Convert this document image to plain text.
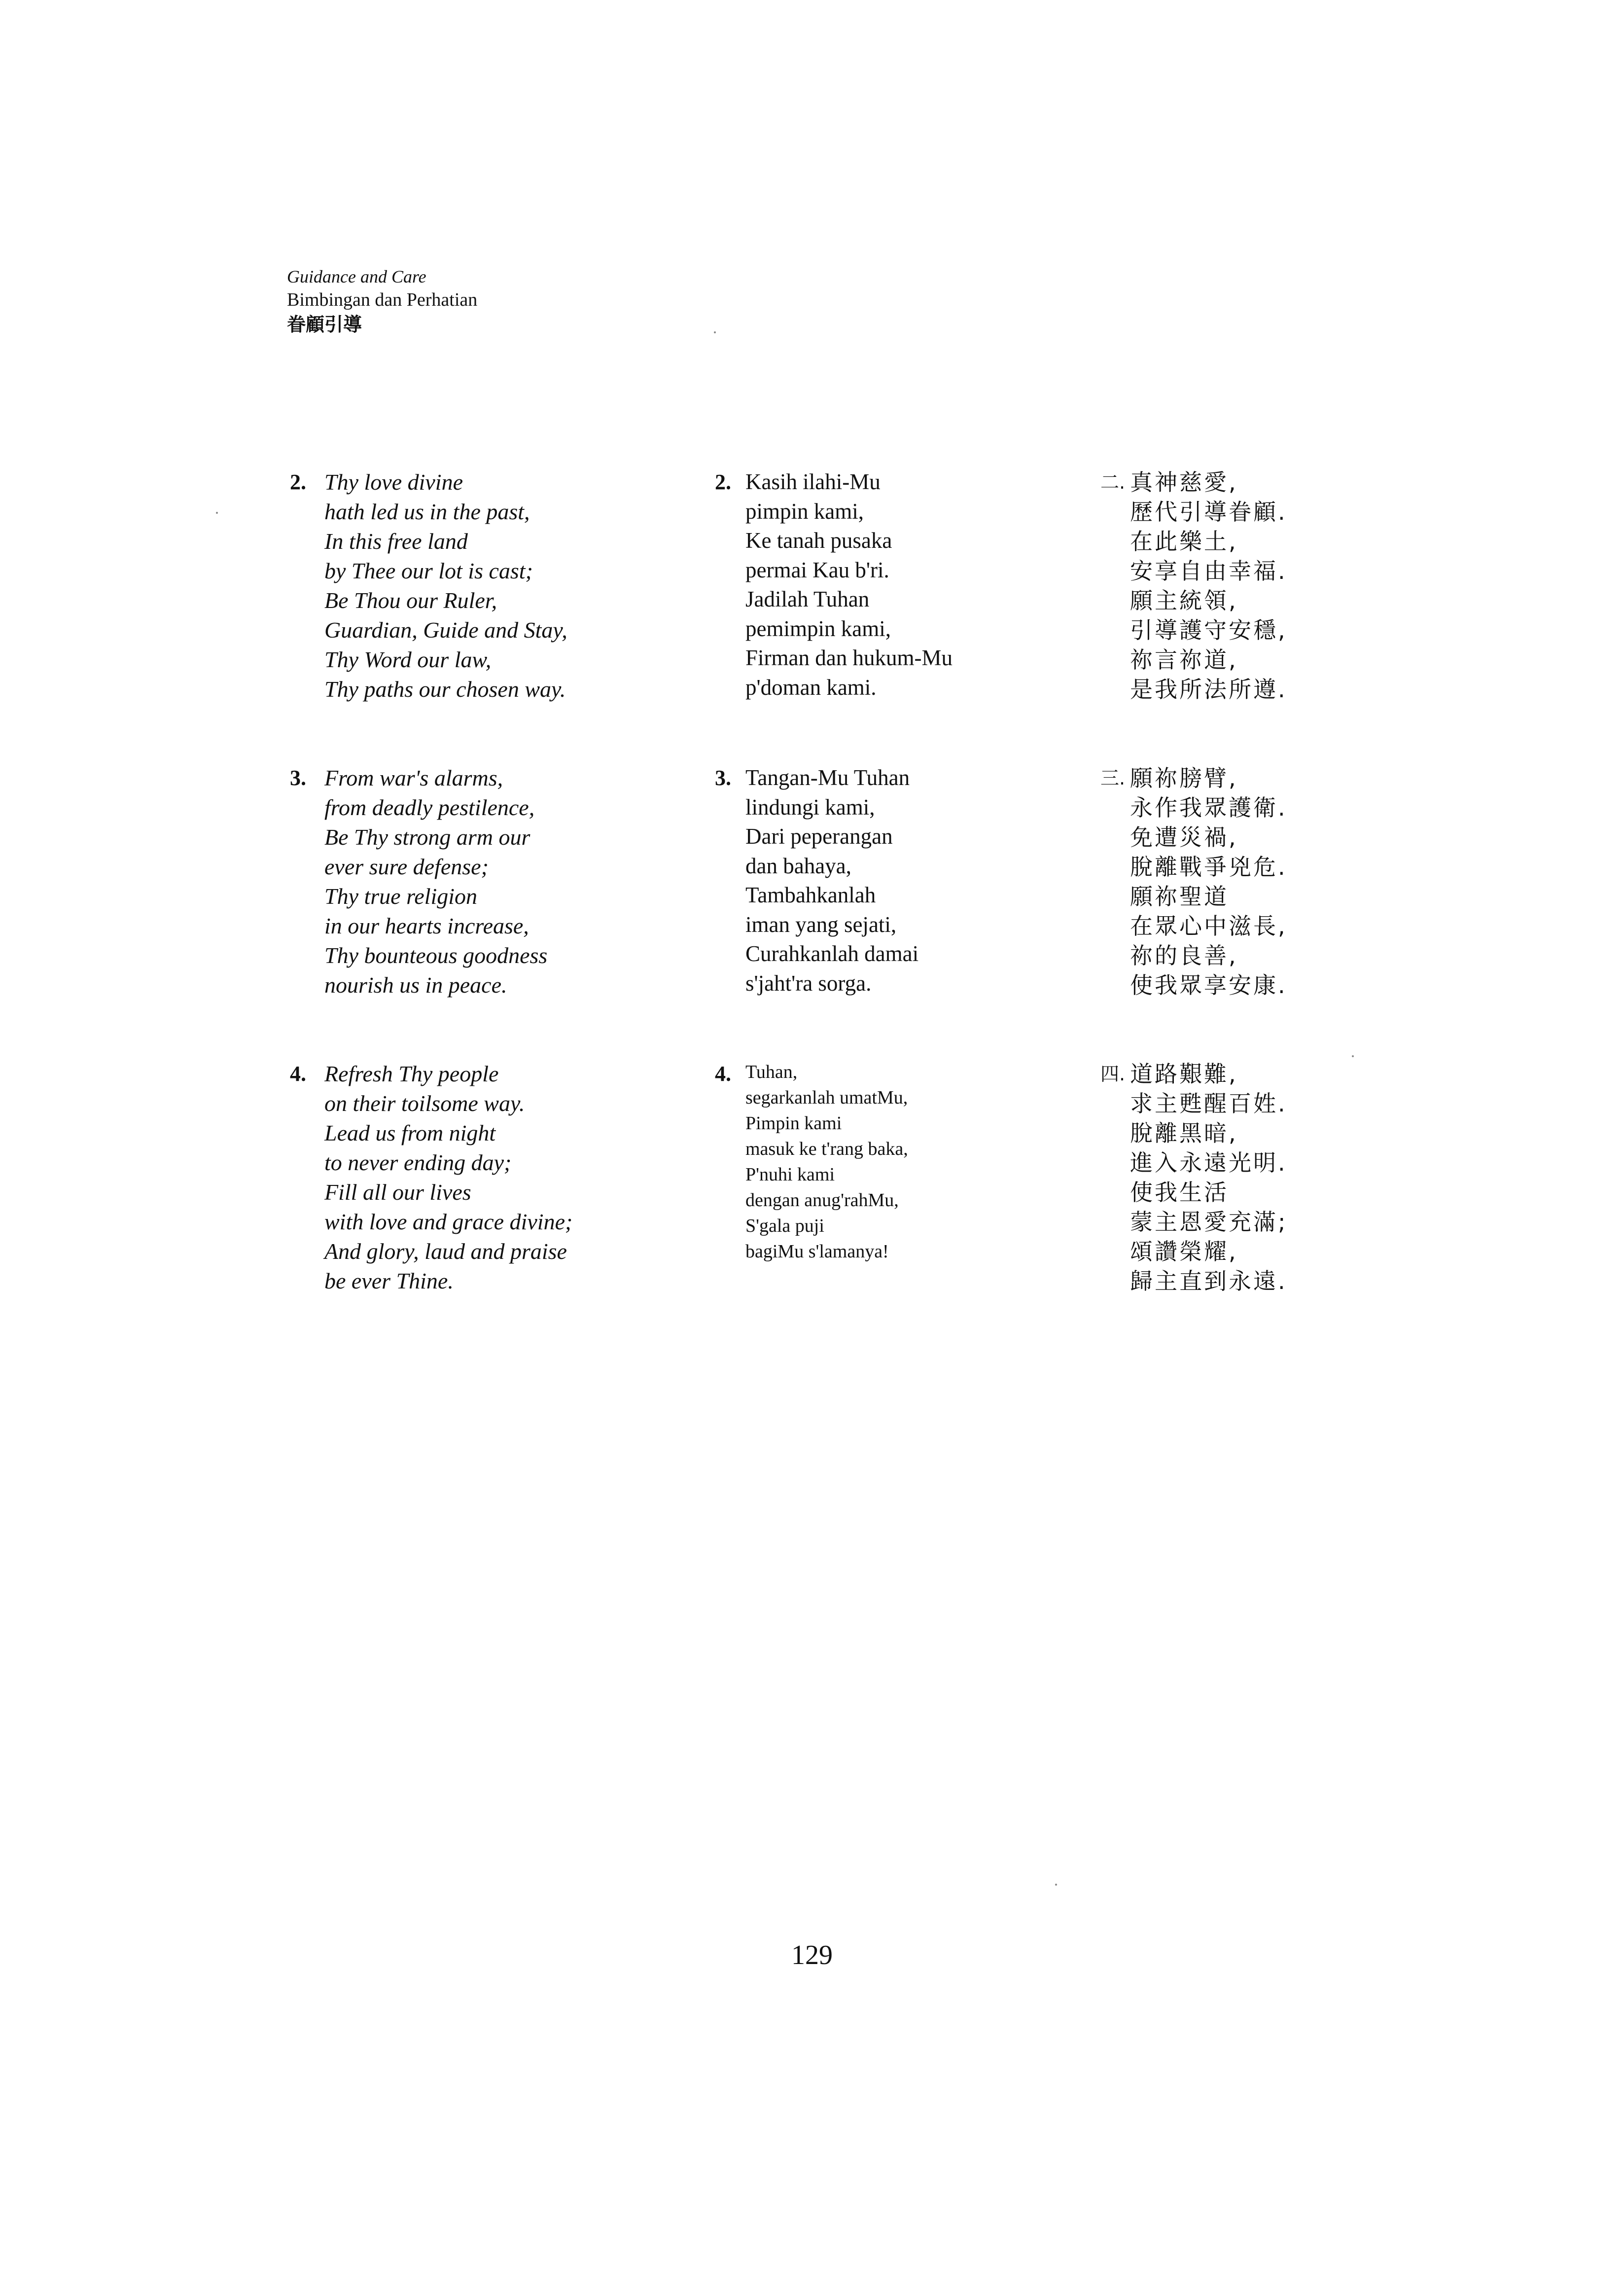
Guidance and Care
Bimbingan dan Perhatian
眷顧引導
2. Thy love divine
hath led us in the past,
In this free land
by Thee our lot is cast;
Be Thou our Ruler,
Guardian, Guide and Stay,
Thy Word our law,
Thy paths our chosen way.
3. From war's alarms,
from deadly pestilence,
Be Thy strong arm our
ever sure defense;
Thy true religion
in our hearts increase,
Thy bounteous goodness
nourish us in peace.
4. Refresh Thy people
on their toilsome way.
Lead us from night
to never ending day;
Fill all our lives
with love and grace divine;
And glory, laud and praise
be ever Thine.
2. Kasih ilahi-Mu
pimpin kami,
Ke tanah pusaka
permai Kau b'ri.
Jadilah Tuhan
pemimpin kami,
Firman dan hukum-Mu
p'doman kami.
3. Tangan-Mu Tuhan
lindungi kami,
Dari peperangan
dan bahaya,
Tambahkanlah
iman yang sejati,
Curahkanlah damai
s'jaht'ra sorga.
4. Tuhan,
segarkanlah umatMu,
Pimpin kami
masuk ke t'rang baka,
P'nuhi kami
dengan anug'rahMu,
S'gala puji
bagiMu s'lamanya!
二. 真神慈愛,
歷代引導眷顧.
在此樂土,
安享自由幸福.
願主統領,
引導護守安穩,
祢言祢道,
是我所法所遵.
三. 願祢膀臂,
永作我眾護衛.
免遭災禍,
脫離戰爭兇危.
願祢聖道
在眾心中滋長,
祢的良善,
使我眾享安康.
四. 道路艱難,
求主甦醒百姓.
脫離黑暗,
進入永遠光明.
使我生活
蒙主恩愛充滿;
頌讚榮耀,
歸主直到永遠.
129
